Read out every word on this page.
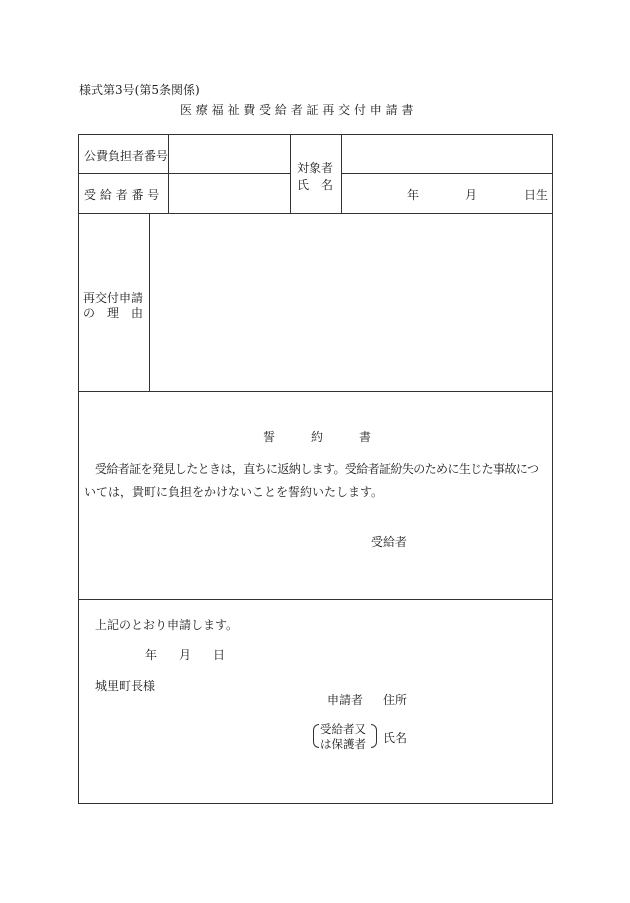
様式第3号(第5条関係)
医 療 福 祉 費 受 給 者 証 再 交 付 申 請 書
公費負担者番号
受 給 者 番 号
対象者
氏　名
年	月	日生
再交付申請
の　理　由
誓　　　約　　　書
受給者証を発見したときは，直ちに返納します。受給者証紛失のために生じた事故につ
いては，貴町に負担をかけないことを誓約いたします。
受給者
上記のとおり申請します。
年 月 日
城里町長様
申請者 住所
受給者又
は保護者 氏名
